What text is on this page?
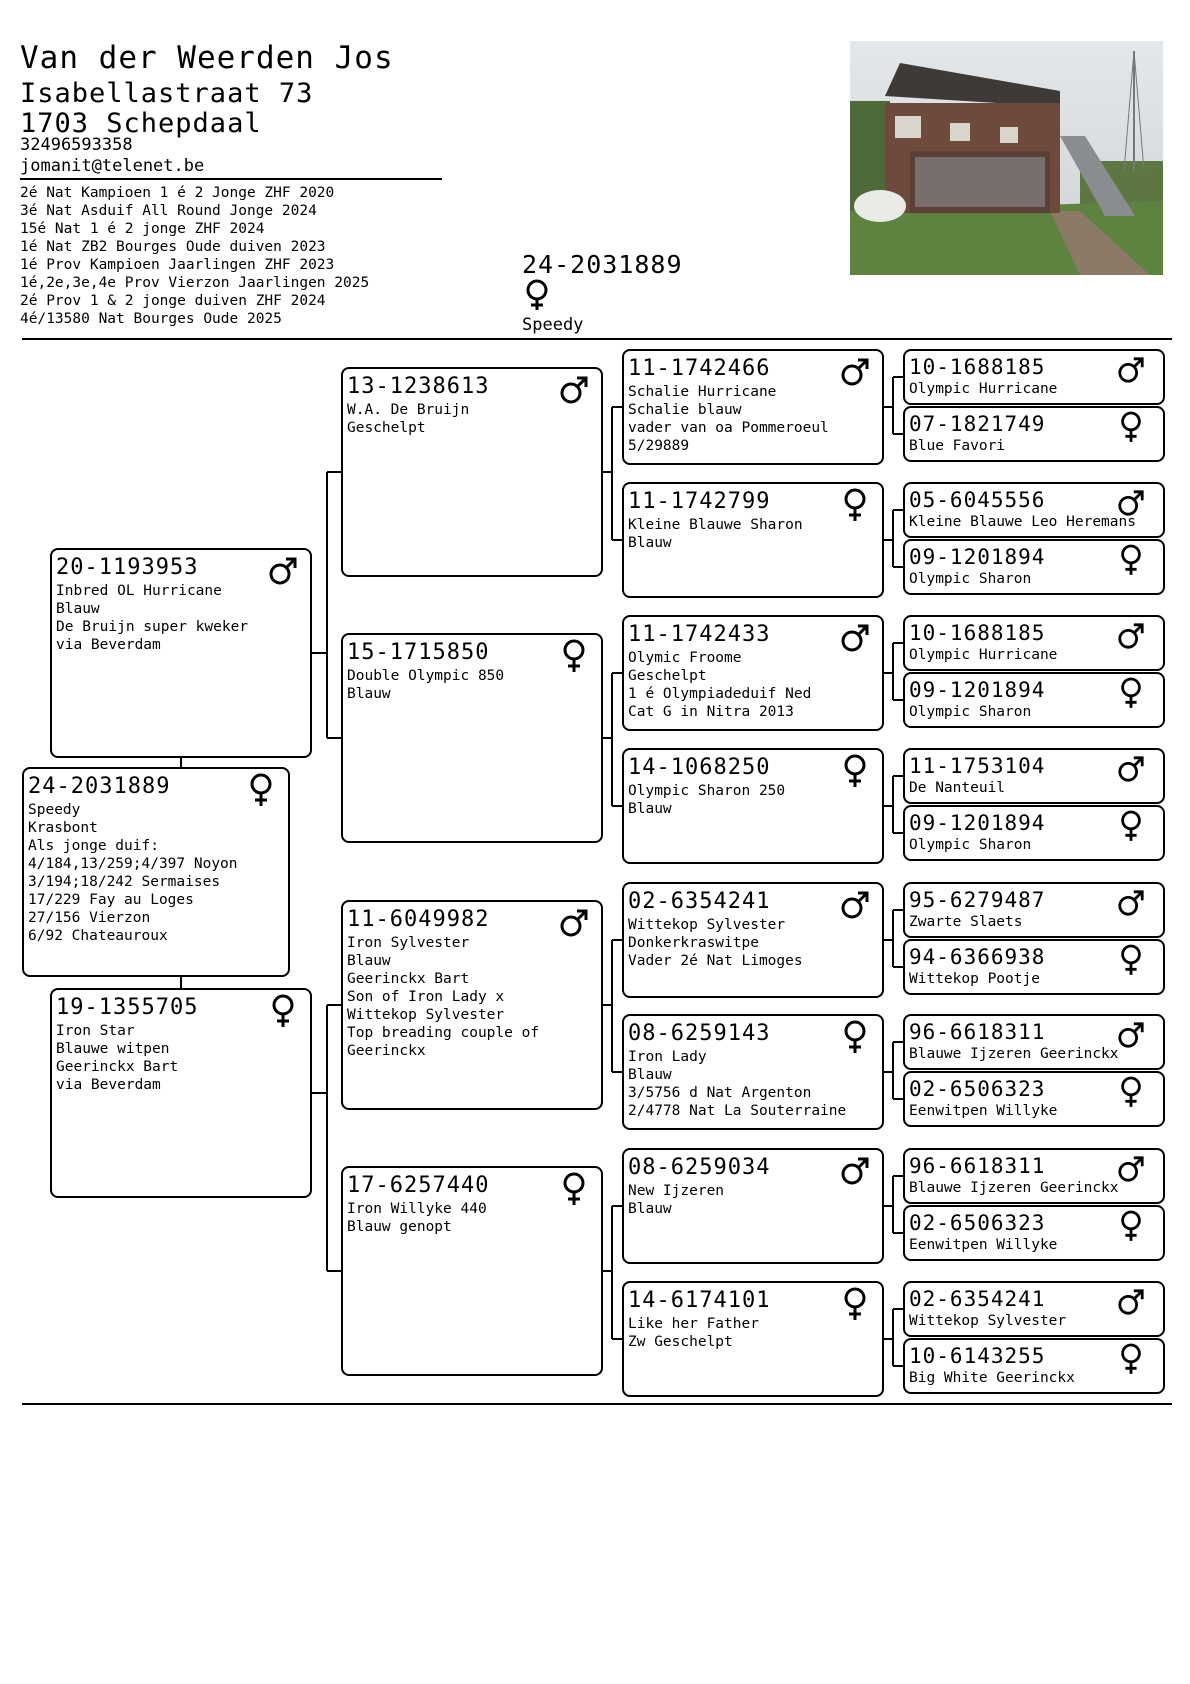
Van der Weerden Jos
Isabellastraat 73
1703 Schepdaal
32496593358
jomanit@telenet.be
2é Nat Kampioen 1 é 2 Jonge ZHF 2020
3é Nat Asduif All Round Jonge 2024
15é Nat 1 é 2 jonge ZHF 2024
1é Nat ZB2 Bourges Oude duiven 2023
1é Prov Kampioen Jaarlingen ZHF 2023
1é,2e,3e,4e Prov Vierzon Jaarlingen 2025
2é Prov 1 & 2 jonge duiven ZHF 2024
4é/13580 Nat Bourges Oude 2025
24-2031889
Speedy
10-1688185
Olympic Hurricane
07-1821749
Blue Favori
05-6045556
Kleine Blauwe Leo Heremans
09-1201894
Olympic Sharon
10-1688185
Olympic Hurricane
09-1201894
Olympic Sharon
11-1753104
De Nanteuil
09-1201894
Olympic Sharon
95-6279487
Zwarte Slaets
94-6366938
Wittekop Pootje
96-6618311
Blauwe Ijzeren Geerinckx
02-6506323
Eenwitpen Willyke
96-6618311
Blauwe Ijzeren Geerinckx
02-6506323
Eenwitpen Willyke
02-6354241
Wittekop Sylvester
10-6143255
Big White Geerinckx
11-1742466
Schalie Hurricane
Schalie blauw
vader van oa Pommeroeul
5/29889
11-1742799
Kleine Blauwe Sharon
Blauw
11-1742433
Olymic Froome
Geschelpt
1 é Olympiadeduif Ned
Cat G in Nitra 2013
14-1068250
Olympic Sharon 250
Blauw
02-6354241
Wittekop Sylvester
Donkerkraswitpe
Vader 2é Nat Limoges
08-6259143
Iron Lady
Blauw
3/5756 d Nat Argenton
2/4778 Nat La Souterraine
08-6259034
New Ijzeren
Blauw
14-6174101
Like her Father
Zw Geschelpt
13-1238613
W.A. De Bruijn
Geschelpt
15-1715850
Double Olympic 850
Blauw
11-6049982
Iron Sylvester
Blauw
Geerinckx Bart
Son of Iron Lady x
Wittekop Sylvester
Top breading couple of
Geerinckx
17-6257440
Iron Willyke 440
Blauw genopt
20-1193953
Inbred OL Hurricane
Blauw
De Bruijn super kweker
via Beverdam
19-1355705
Iron Star
Blauwe witpen
Geerinckx Bart
via Beverdam
24-2031889
Speedy
Krasbont
Als jonge duif:
4/184,13/259;4/397 Noyon
3/194;18/242 Sermaises
17/229 Fay au Loges
27/156 Vierzon
6/92 Chateauroux
